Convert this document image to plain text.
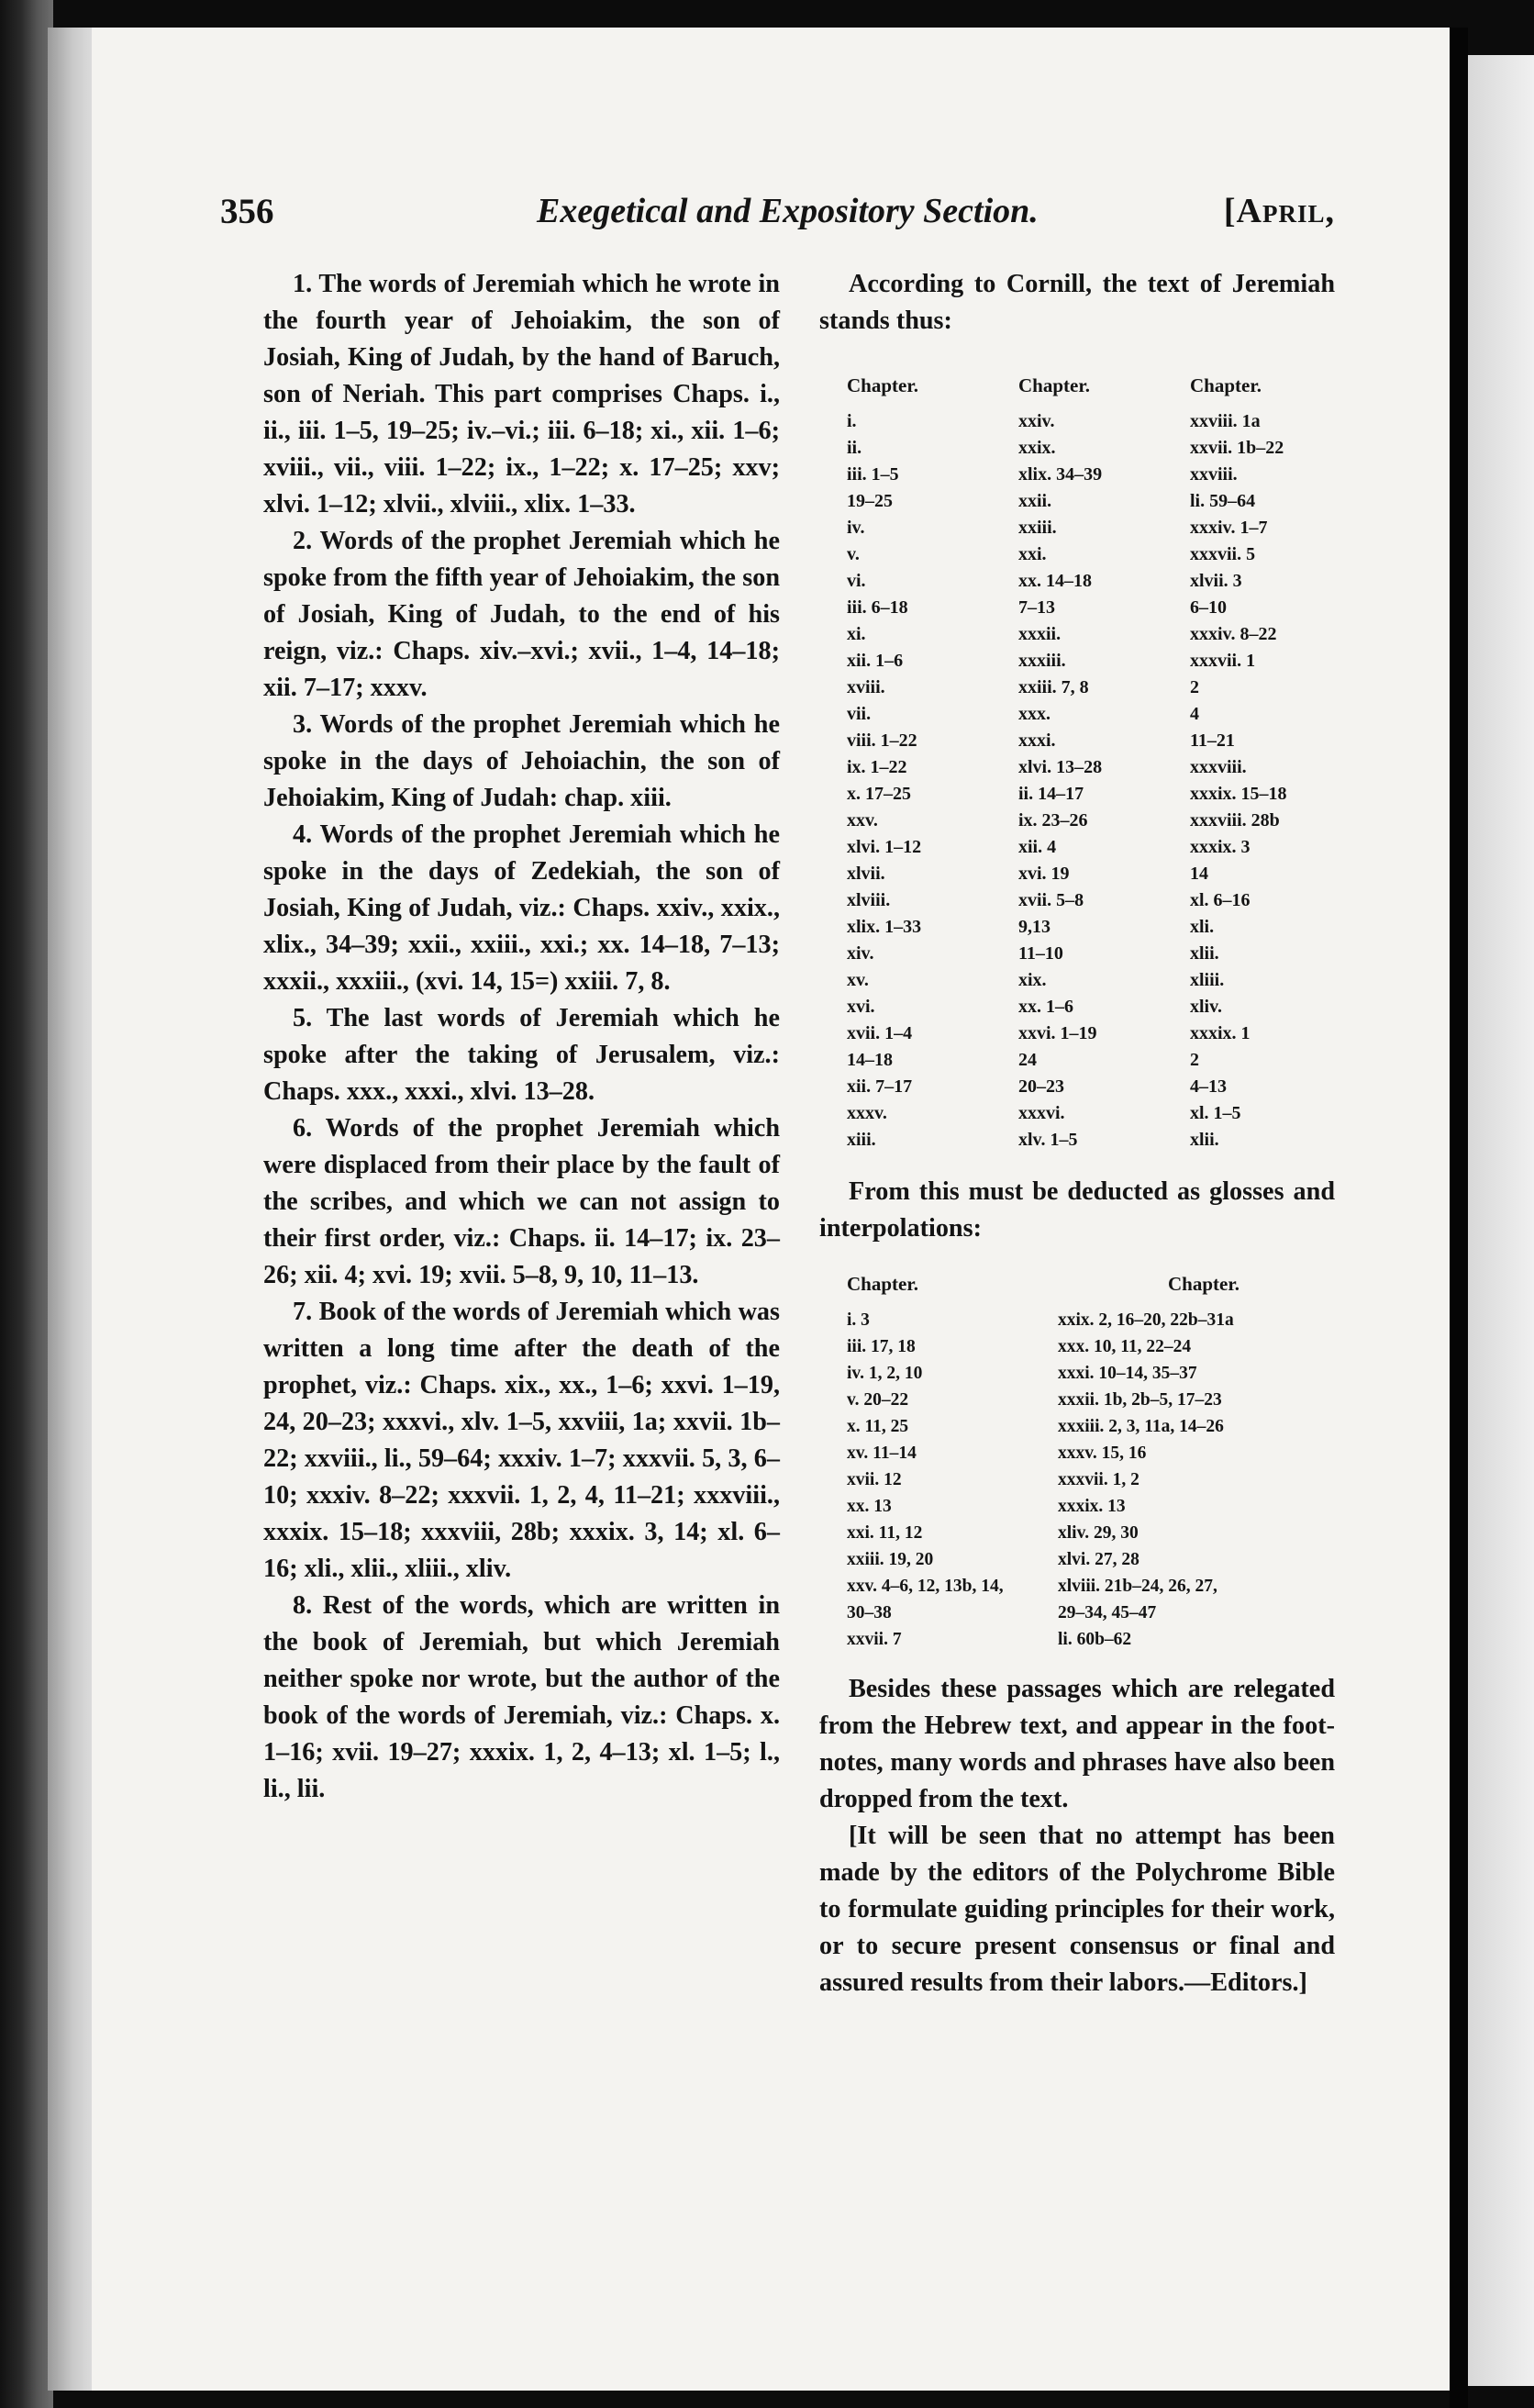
356	Exegetical and Expository Section.	[April,

1. The words of Jeremiah which he wrote in the fourth year of Jehoiakim, the son of Josiah, King of Judah, by the hand of Baruch, son of Neriah. This part comprises Chaps. i., ii., iii. 1–5, 19–25; iv.–vi.; iii. 6–18; xi., xii. 1–6; xviii., vii., viii. 1–22; ix., 1–22; x. 17–25; xxv; xlvi. 1–12; xlvii., xlviii., xlix. 1–33.

2. Words of the prophet Jeremiah which he spoke from the fifth year of Jehoiakim, the son of Josiah, King of Judah, to the end of his reign, viz.: Chaps. xiv.–xvi.; xvii., 1–4, 14–18; xii. 7–17; xxxv.

3. Words of the prophet Jeremiah which he spoke in the days of Jehoiachin, the son of Jehoiakim, King of Judah: chap. xiii.

4. Words of the prophet Jeremiah which he spoke in the days of Zedekiah, the son of Josiah, King of Judah, viz.: Chaps. xxiv., xxix., xlix., 34–39; xxii., xxiii., xxi.; xx. 14–18, 7–13; xxxii., xxxiii., (xvi. 14, 15=) xxiii. 7, 8.

5. The last words of Jeremiah which he spoke after the taking of Jerusalem, viz.: Chaps. xxx., xxxi., xlvi. 13–28.

6. Words of the prophet Jeremiah which were displaced from their place by the fault of the scribes, and which we can not assign to their first order, viz.: Chaps. ii. 14–17; ix. 23–26; xii. 4; xvi. 19; xvii. 5–8, 9, 10, 11–13.

7. Book of the words of Jeremiah which was written a long time after the death of the prophet, viz.: Chaps. xix., xx., 1–6; xxvi. 1–19, 24, 20–23; xxxvi., xlv. 1–5, xxviii, 1a; xxvii. 1b–22; xxviii., li., 59–64; xxxiv. 1–7; xxxvii. 5, 3, 6–10; xxxiv. 8–22; xxxvii. 1, 2, 4, 11–21; xxxviii., xxxix. 15–18; xxxviii, 28b; xxxix. 3, 14; xl. 6–16; xli., xlii., xliii., xliv.

8. Rest of the words, which are written in the book of Jeremiah, but which Jeremiah neither spoke nor wrote, but the author of the book of the words of Jeremiah, viz.: Chaps. x. 1–16; xvii. 19–27; xxxix. 1, 2, 4–13; xl. 1–5; l., li., lii.

According to Cornill, the text of Jeremiah stands thus:

Chapter.	Chapter.	Chapter.
i.	xxiv.	xxviii. 1a
ii.	xxix.	xxvii. 1b–22
iii. 1–5	xlix. 34–39	xxviii.
19–25	xxii.	li. 59–64
iv.	xxiii.	xxxiv. 1–7
v.	xxi.	xxxvii. 5
vi.	xx. 14–18	xlvii. 3
iii. 6–18	7–13	6–10
xi.	xxxii.	xxxiv. 8–22
xii. 1–6	xxxiii.	xxxvii. 1
xviii.	xxiii. 7, 8	2
vii.	xxx.	4
viii. 1–22	xxxi.	11–21
ix. 1–22	xlvi. 13–28	xxxviii.
x. 17–25	ii. 14–17	xxxix. 15–18
xxv.	ix. 23–26	xxxviii. 28b
xlvi. 1–12	xii. 4	xxxix. 3
xlvii.	xvi. 19	14
xlviii.	xvii. 5–8	xl. 6–16
xlix. 1–33	9,13	xli.
xiv.	11–10	xlii.
xv.	xix.	xliii.
xvi.	xx. 1–6	xliv.
xvii. 1–4	xxvi. 1–19	xxxix. 1
14–18	24	2
xii. 7–17	20–23	4–13
xxxv.	xxxvi.	xl. 1–5
xiii.	xlv. 1–5	xlii.

From this must be deducted as glosses and interpolations:

Chapter.	Chapter.
i. 3	xxix. 2, 16–20, 22b–31a
iii. 17, 18	xxx. 10, 11, 22–24
iv. 1, 2, 10	xxxi. 10–14, 35–37
v. 20–22	xxxii. 1b, 2b–5, 17–23
x. 11, 25	xxxiii. 2, 3, 11a, 14–26
xv. 11–14	xxxv. 15, 16
xvii. 12	xxxvii. 1, 2
xx. 13	xxxix. 13
xxi. 11, 12	xliv. 29, 30
xxiii. 19, 20	xlvi. 27, 28
xxv. 4–6, 12, 13b, 14,	xlviii. 21b–24, 26, 27,
30–38	29–34, 45–47
xxvii. 7	li. 60b–62

Besides these passages which are relegated from the Hebrew text, and appear in the foot-notes, many words and phrases have also been dropped from the text.

[It will be seen that no attempt has been made by the editors of the Polychrome Bible to formulate guiding principles for their work, or to secure present consensus or final and assured results from their labors.—Editors.]
